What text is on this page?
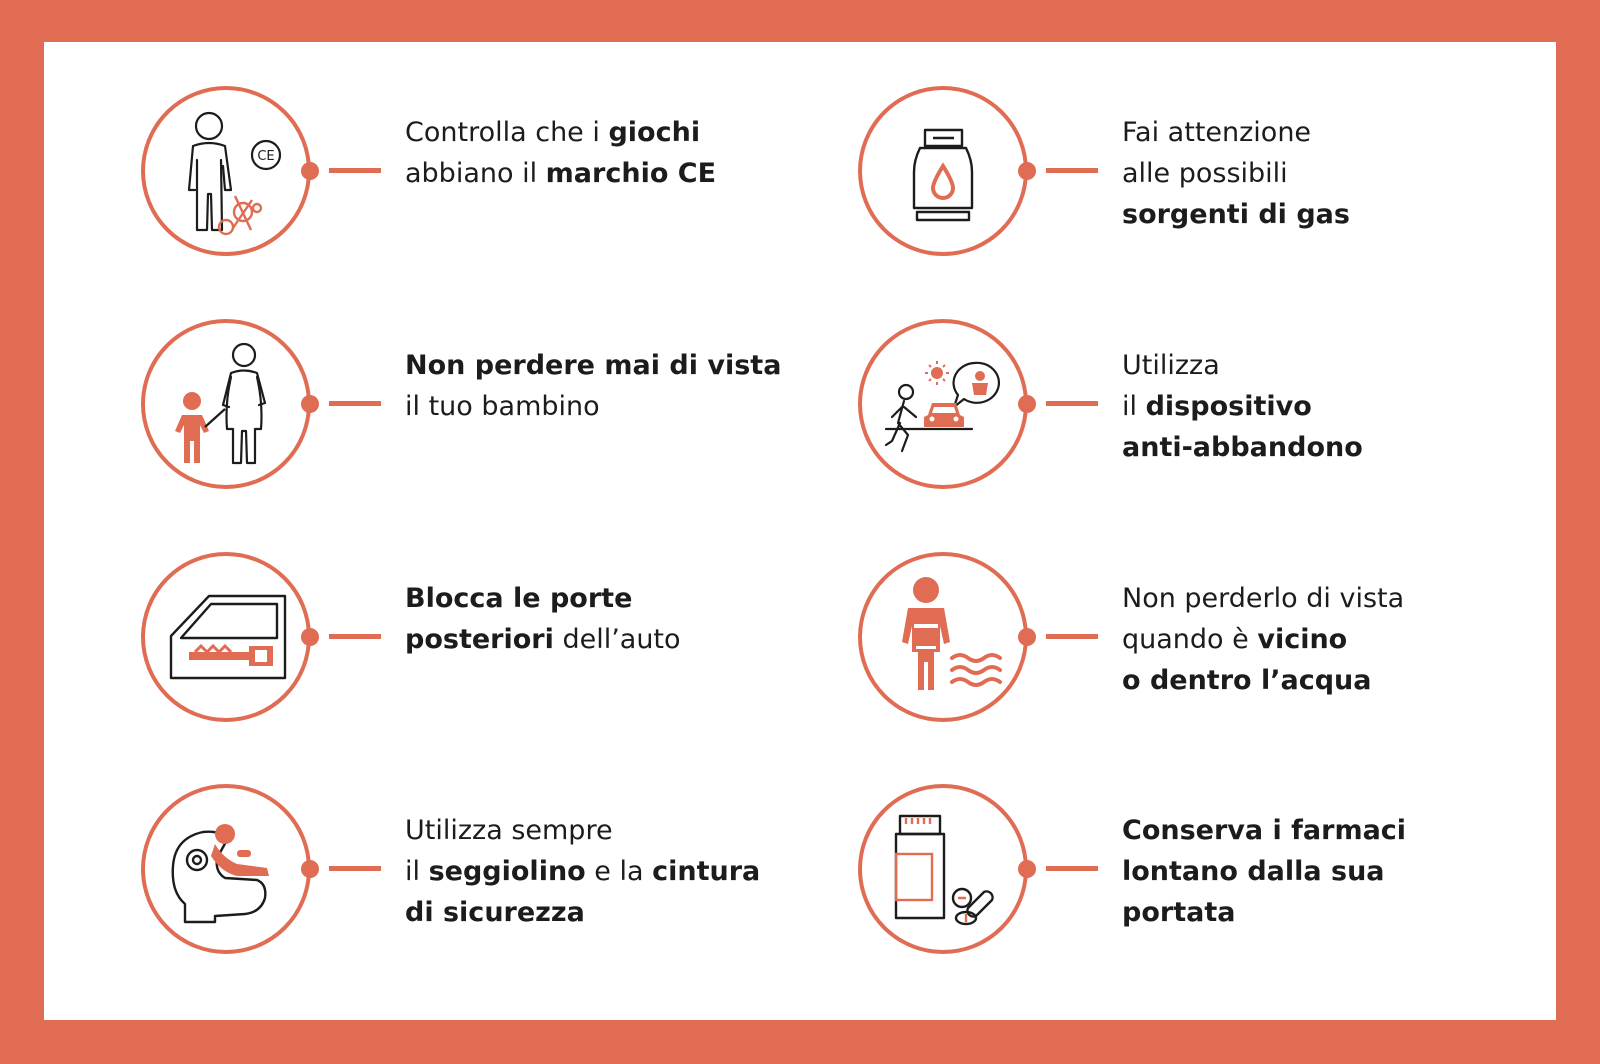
CE
Controlla che i giochi
abbiano il marchio CE
Fai attenzione
alle possibili
sorgenti di gas
Non perdere mai di vista
il tuo bambino
Utilizza
il dispositivo
anti-abbandono
Blocca le porte
posteriori dell’auto
Non perderlo di vista
quando è vicino
o dentro l’acqua
Utilizza sempre
il seggiolino e la cintura
di sicurezza
Conserva i farmaci
lontano dalla sua
portata
